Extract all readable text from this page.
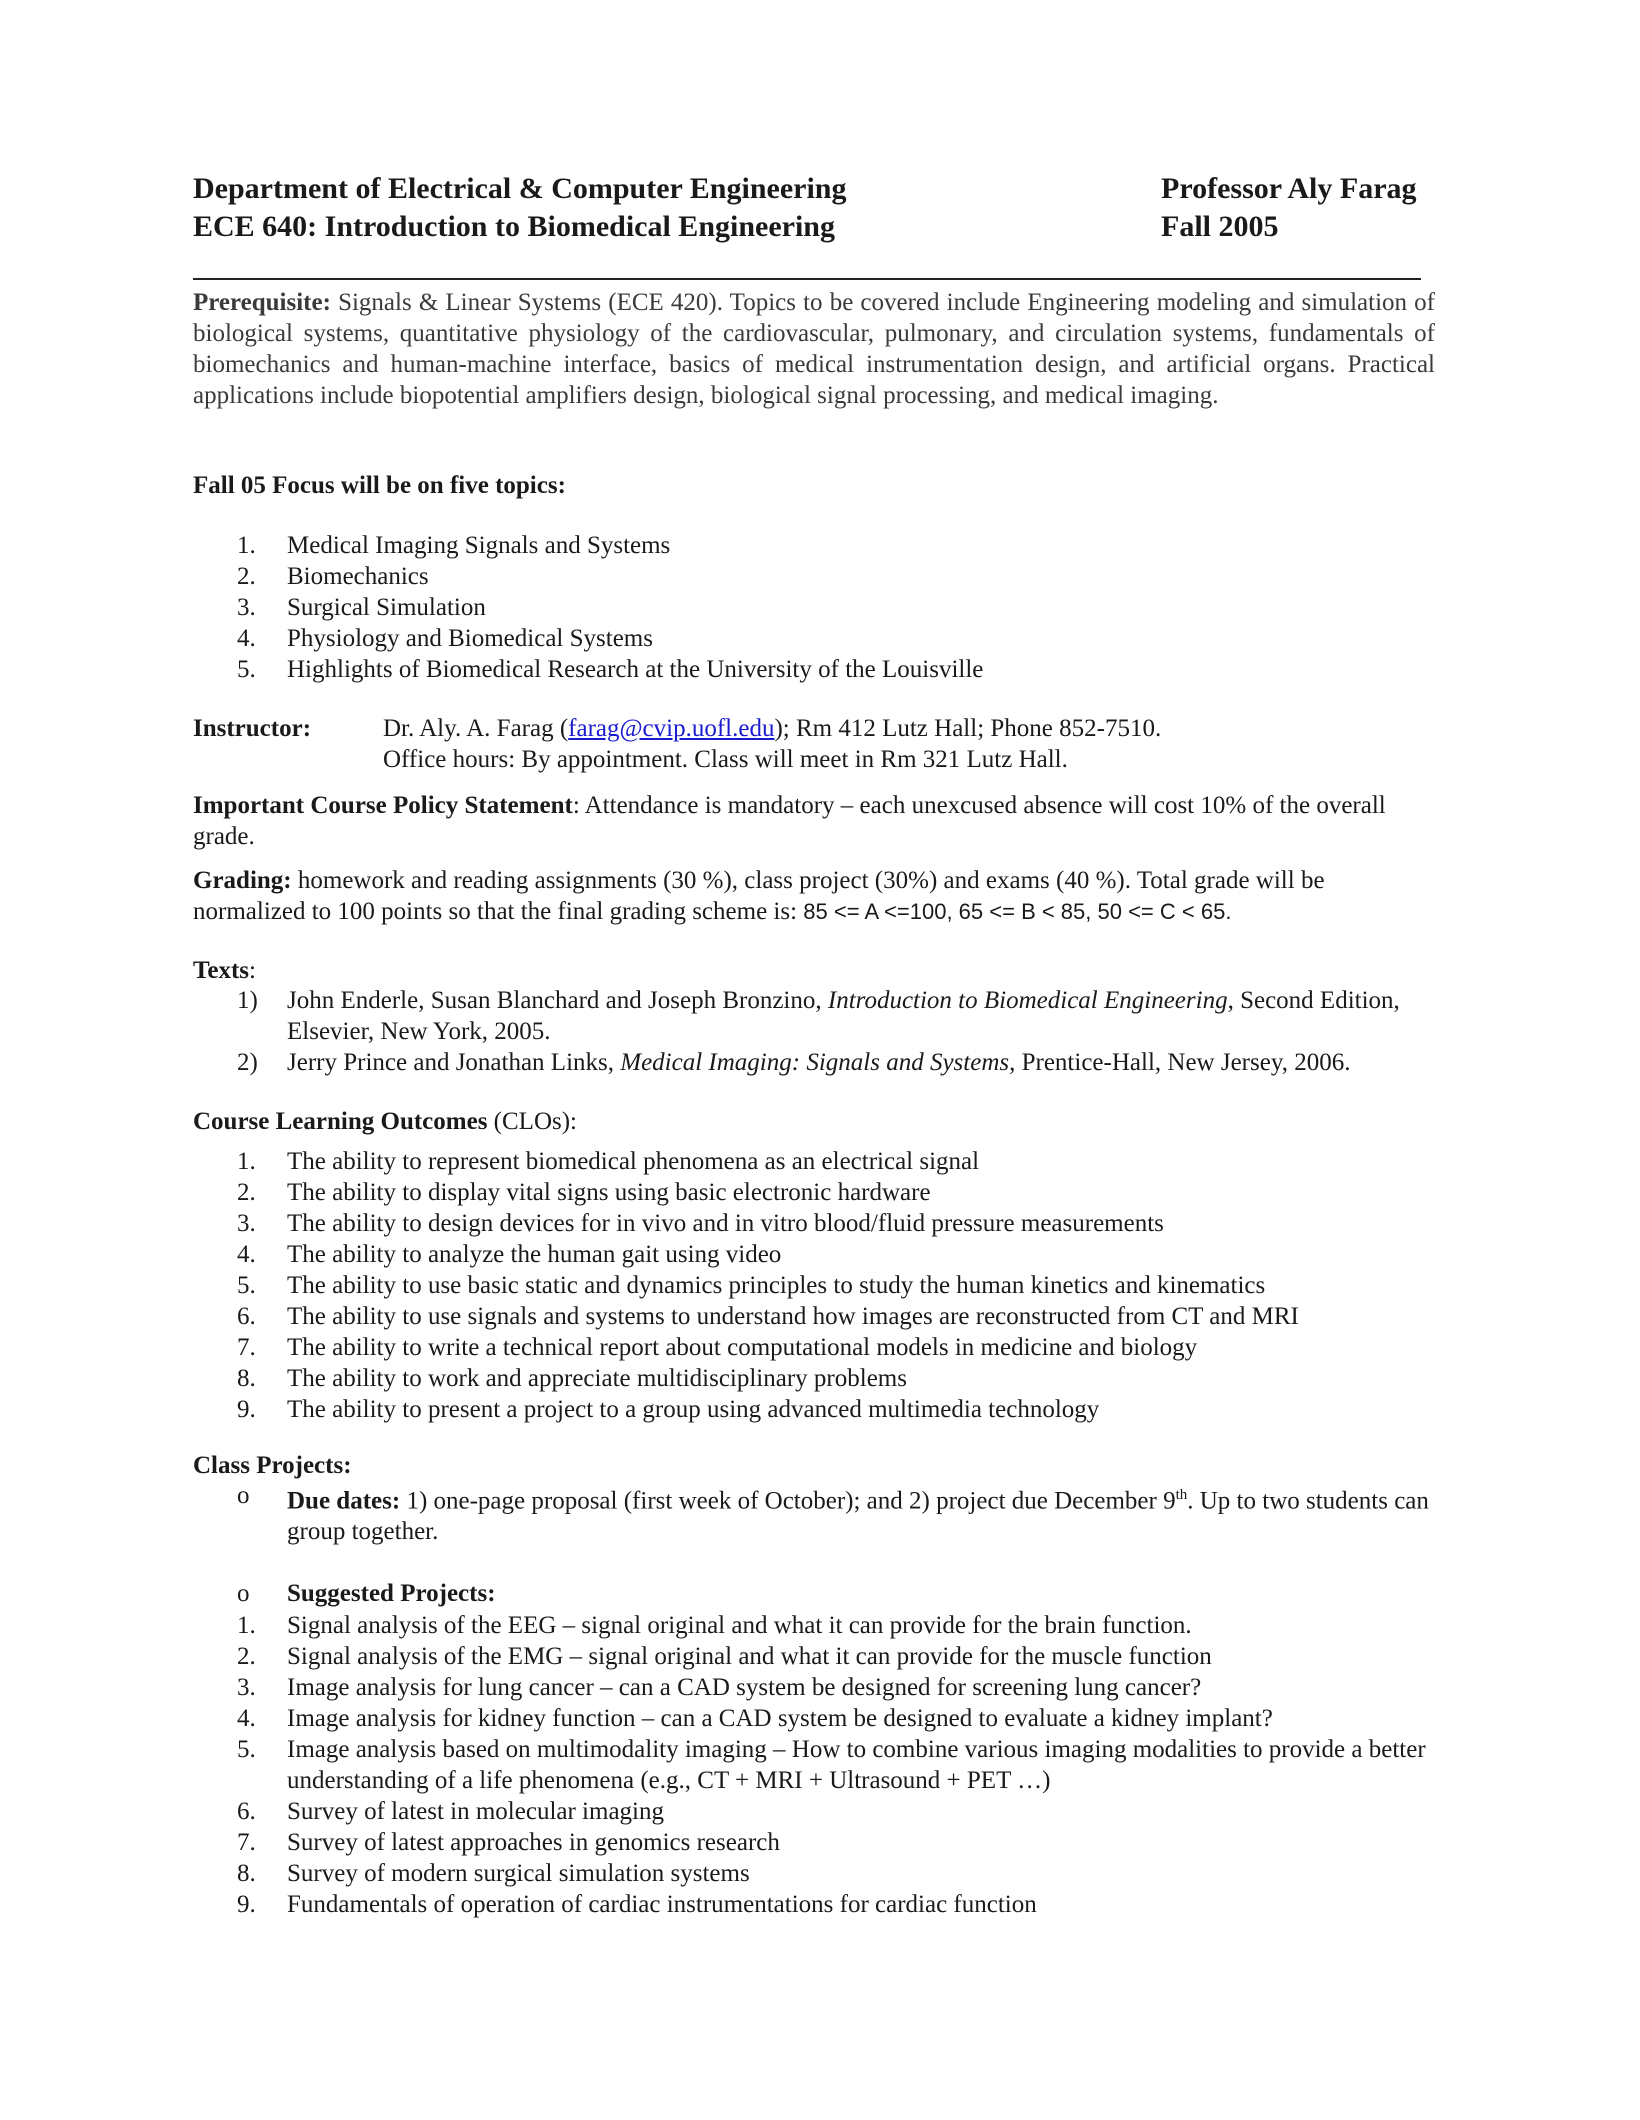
Department of Electrical & Computer Engineering
ECE 640: Introduction to Biomedical Engineering
Professor Aly Farag
Fall 2005
Prerequisite: Signals & Linear Systems (ECE 420). Topics to be covered include Engineering modeling and simulation of biological systems, quantitative physiology of the cardiovascular, pulmonary, and circulation systems, fundamentals of biomechanics and human-machine interface, basics of medical instrumentation design, and artificial organs. Practical applications include biopotential amplifiers design, biological signal processing, and medical imaging.
Fall 05 Focus will be on five topics:
1.	Medical Imaging Signals and Systems
2.	Biomechanics
3.	Surgical Simulation
4.	Physiology and Biomedical Systems
5.	Highlights of Biomedical Research at the University of the Louisville
Instructor:	Dr. Aly. A. Farag (farag@cvip.uofl.edu); Rm 412 Lutz Hall; Phone 852-7510.
Office hours: By appointment. Class will meet in Rm 321 Lutz Hall.
Important Course Policy Statement: Attendance is mandatory – each unexcused absence will cost 10% of the overall grade.
Grading: homework and reading assignments (30 %), class project (30%) and exams (40 %). Total grade will be normalized to 100 points so that the final grading scheme is: 85 <= A <=100, 65 <= B < 85, 50 <= C < 65.
Texts:
1)	John Enderle, Susan Blanchard and Joseph Bronzino, Introduction to Biomedical Engineering, Second Edition, Elsevier, New York, 2005.
2)	Jerry Prince and Jonathan Links, Medical Imaging: Signals and Systems, Prentice-Hall, New Jersey, 2006.
Course Learning Outcomes (CLOs):
1.	The ability to represent biomedical phenomena as an electrical signal
2.	The ability to display vital signs using basic electronic hardware
3.	The ability to design devices for in vivo and in vitro blood/fluid pressure measurements
4.	The ability to analyze the human gait using video
5.	The ability to use basic static and dynamics principles to study the human kinetics and kinematics
6.	The ability to use signals and systems to understand how images are reconstructed from CT and MRI
7.	The ability to write a technical report about computational models in medicine and biology
8.	The ability to work and appreciate multidisciplinary problems
9.	The ability to present a project to a group using advanced multimedia technology
Class Projects:
o	Due dates: 1) one-page proposal (first week of October); and 2) project due December 9th. Up to two students can group together.
o	Suggested Projects:
1.	Signal analysis of the EEG – signal original and what it can provide for the brain function.
2.	Signal analysis of the EMG – signal original and what it can provide for the muscle function
3.	Image analysis for lung cancer – can a CAD system be designed for screening lung cancer?
4.	Image analysis for kidney function – can a CAD system be designed to evaluate a kidney implant?
5.	Image analysis based on multimodality imaging – How to combine various imaging modalities to provide a better understanding of a life phenomena (e.g., CT + MRI + Ultrasound + PET …)
6.	Survey of latest in molecular imaging
7.	Survey of latest approaches in genomics research
8.	Survey of modern surgical simulation systems
9.	Fundamentals of operation of cardiac instrumentations for cardiac function
